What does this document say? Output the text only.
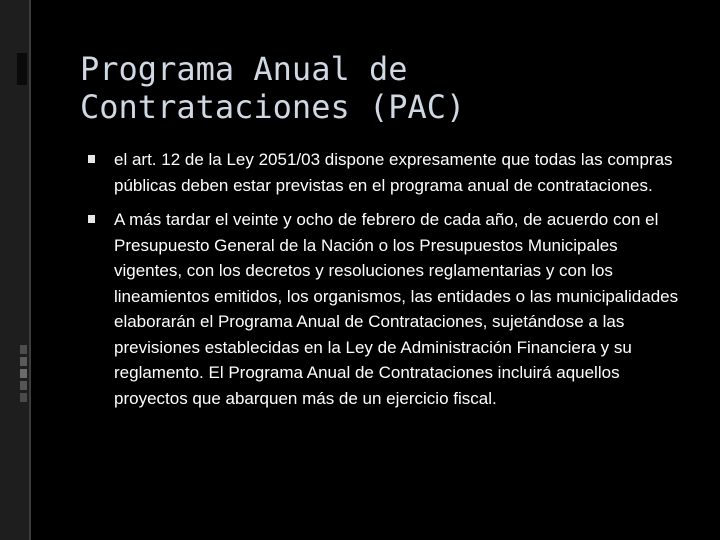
Programa Anual de
Contrataciones (PAC)
el art. 12 de la Ley 2051/03 dispone expresamente que todas las compras públicas deben estar previstas en el programa anual de contrataciones.
A más tardar el veinte y ocho de febrero de cada año, de acuerdo con el Presupuesto General de la Nación o los Presupuestos Municipales vigentes, con los decretos y resoluciones reglamentarias y con los lineamientos emitidos, los organismos, las entidades o las municipalidades elaborarán el Programa Anual de Contrataciones, sujetándose a las previsiones establecidas en la Ley de Administración Financiera y su reglamento. El Programa Anual de Contrataciones incluirá aquellos proyectos que abarquen más de un ejercicio fiscal.
